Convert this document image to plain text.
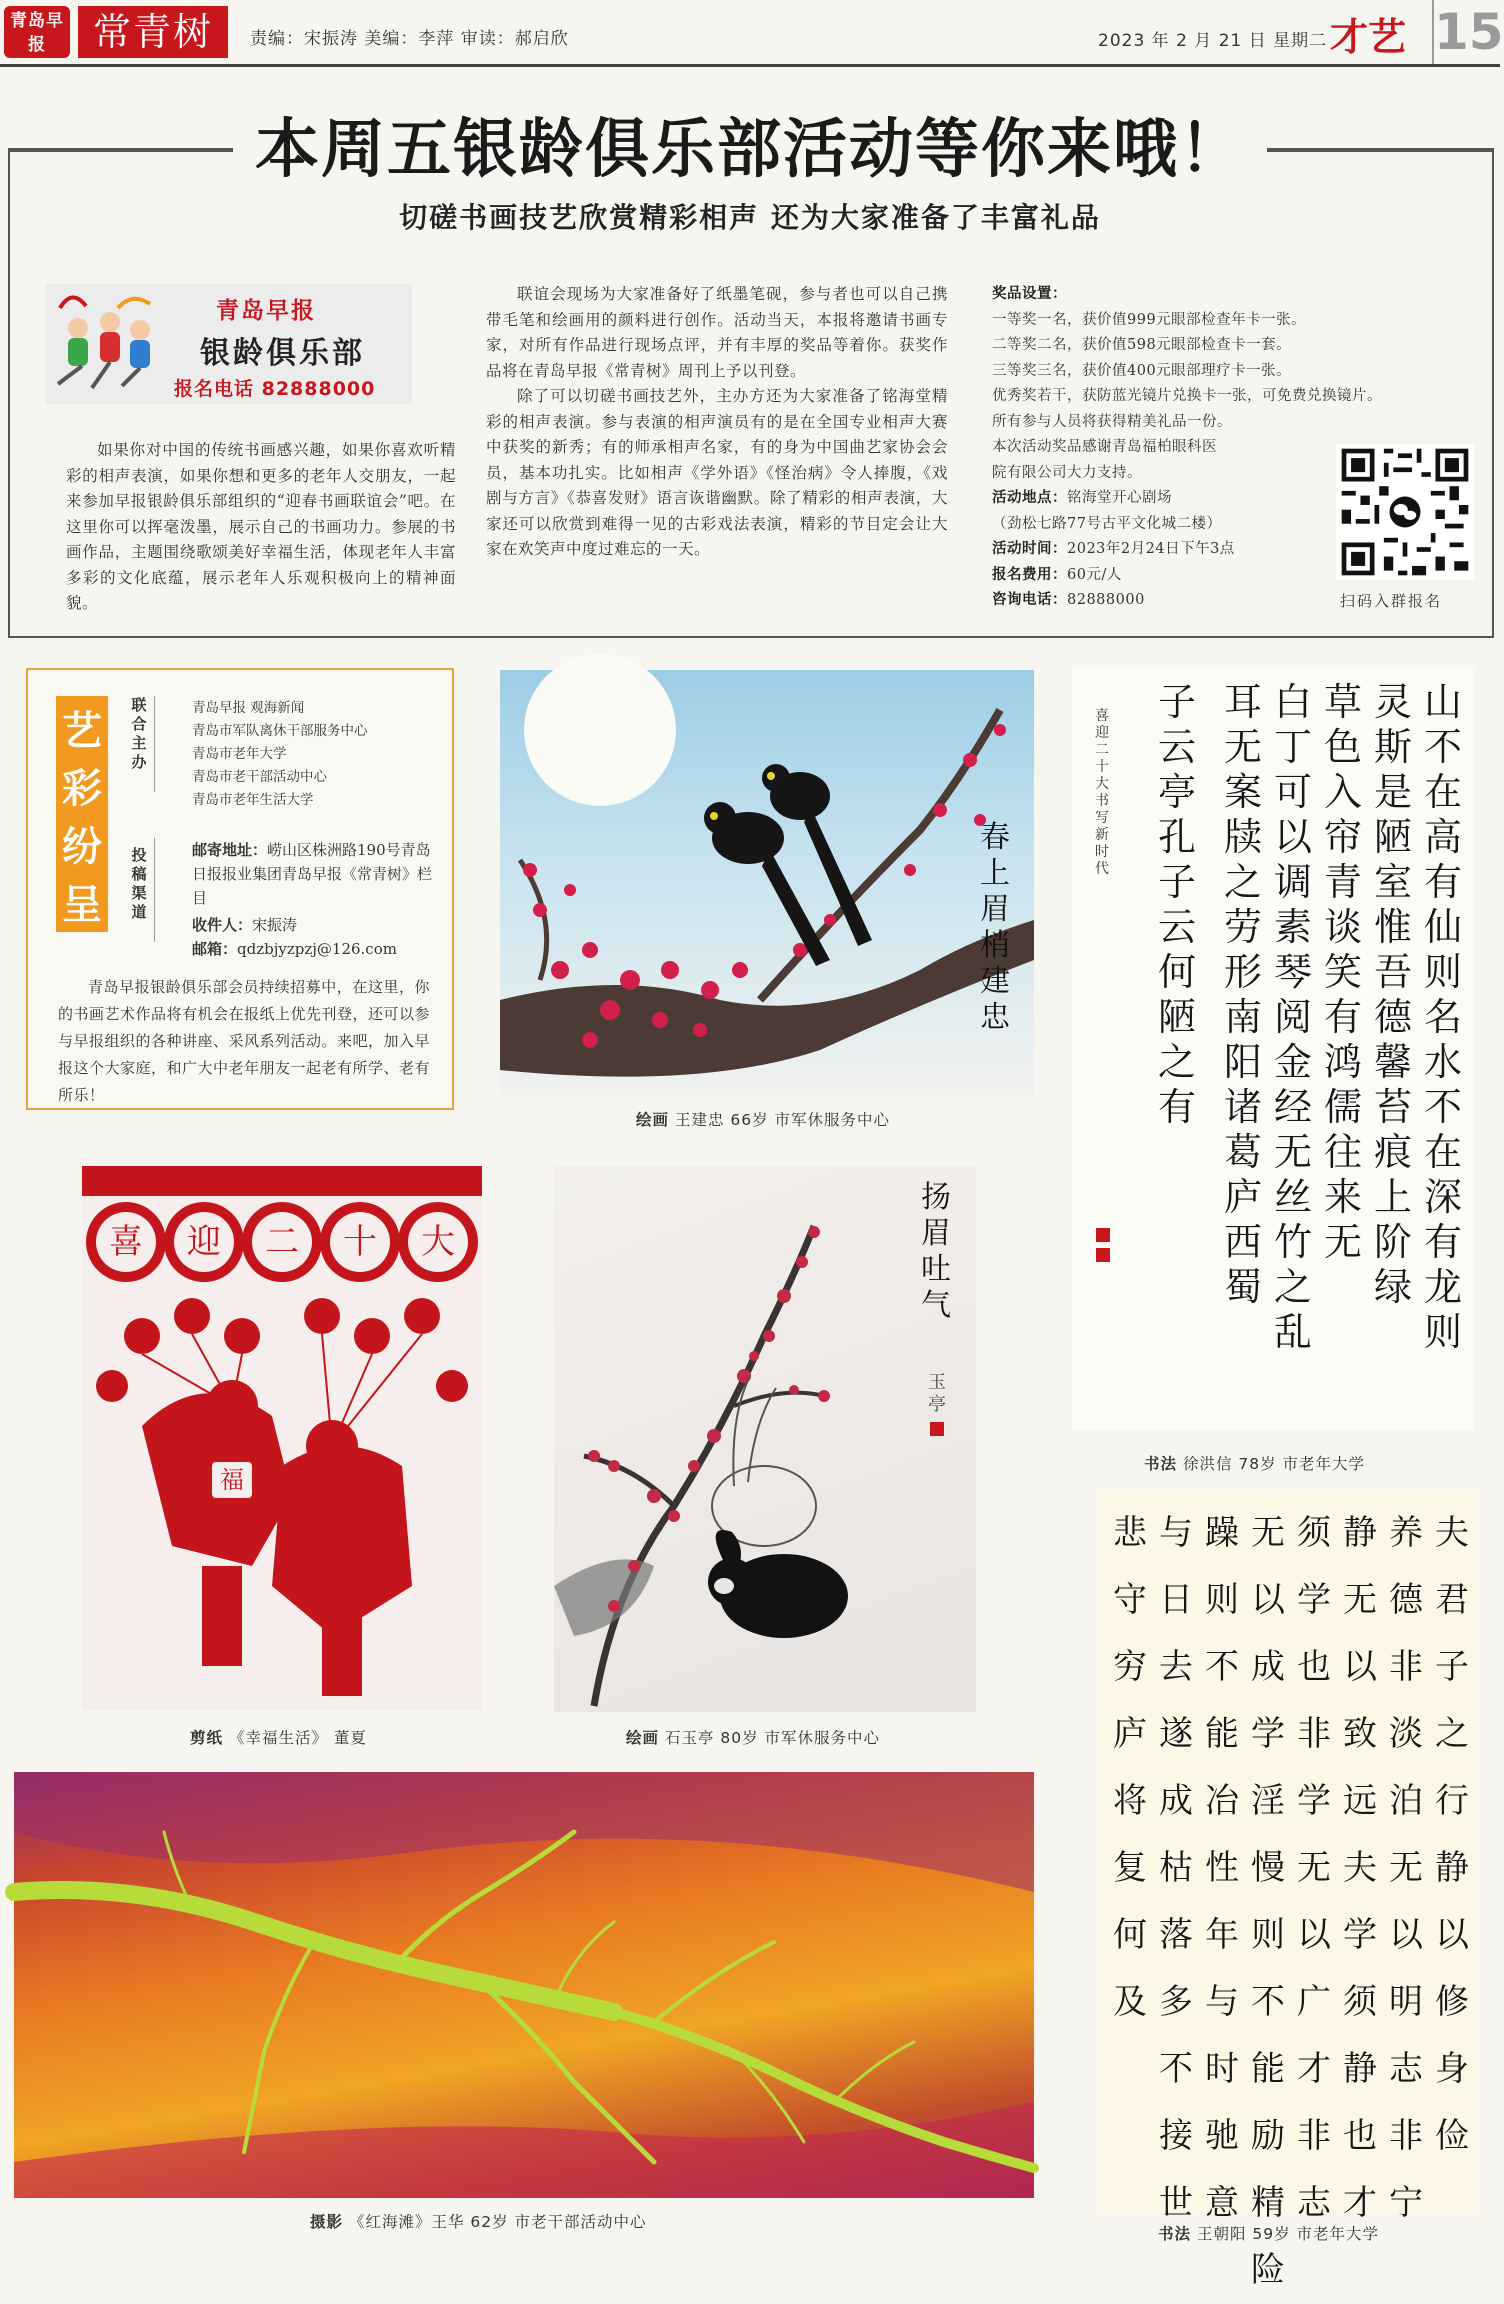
青岛早报	常青树	责编：宋振涛 美编：李萍 审读：郝启欣	2023 年 2 月 21 日 星期二 才艺 15
本周五银龄俱乐部活动等你来哦！
切磋书画技艺欣赏精彩相声 还为大家准备了丰富礼品
青岛早报
银龄俱乐部
报名电话 82888000

如果你对中国的传统书画感兴趣，如果你喜欢听精彩的相声表演，如果你想和更多的老年人交朋友，一起来参加早报银龄俱乐部组织的“迎春书画联谊会”吧。在这里你可以挥毫泼墨，展示自己的书画功力。参展的书画作品，主题围绕歌颂美好幸福生活，体现老年人丰富多彩的文化底蕴，展示老年人乐观积极向上的精神面貌。

联谊会现场为大家准备好了纸墨笔砚，参与者也可以自己携带毛笔和绘画用的颜料进行创作。活动当天，本报将邀请书画专家，对所有作品进行现场点评，并有丰厚的奖品等着你。获奖作品将在青岛早报《常青树》周刊上予以刊登。

除了可以切磋书画技艺外，主办方还为大家准备了铭海堂精彩的相声表演。参与表演的相声演员有的是在全国专业相声大赛中获奖的新秀；有的师承相声名家，有的身为中国曲艺家协会会员，基本功扎实。比如相声《学外语》《怪治病》令人捧腹，《戏剧与方言》《恭喜发财》语言诙谐幽默。除了精彩的相声表演，大家还可以欣赏到难得一见的古彩戏法表演，精彩的节目定会让大家在欢笑声中度过难忘的一天。

奖品设置：
一等奖一名，获价值999元眼部检查年卡一张。
二等奖二名，获价值598元眼部检查卡一套。
三等奖三名，获价值400元眼部理疗卡一张。
优秀奖若干，获防蓝光镜片兑换卡一张，可免费兑换镜片。
所有参与人员将获得精美礼品一份。
本次活动奖品感谢青岛福柏眼科医
院有限公司大力支持。
活动地点：铭海堂开心剧场
（劲松七路77号古平文化城二楼）
活动时间：2023年2月24日下午3点
报名费用：60元/人
咨询电话：82888000	扫码入群报名
艺彩纷呈
联合主办
青岛早报 观海新闻
青岛市军队离休干部服务中心
青岛市老年大学
青岛市老干部活动中心
青岛市老年生活大学
投稿渠道
邮寄地址：崂山区株洲路190号青岛日报报业集团青岛早报《常青树》栏目
收件人：宋振涛
邮箱：qdzbjyzpzj@126.com
青岛早报银龄俱乐部会员持续招募中，在这里，你的书画艺术作品将有机会在报纸上优先刊登，还可以参与早报组织的各种讲座、采风系列活动。来吧，加入早报这个大家庭，和广大中老年朋友一起老有所学、老有所乐！
春上眉梢 建忠
绘画 王建忠 66岁 市军休服务中心
山不在高有仙则名水不在深有龙则
灵斯是陋室惟吾德馨苔痕上阶绿
草色入帘青谈笑有鸿儒往来无
白丁可以调素琴阅金经无丝竹之乱
耳无案牍之劳形南阳诸葛庐西蜀
子云亭孔子云何陋之有
喜迎二十大书写新时代
书法 徐洪信 78岁 市老年大学
喜	迎	二	十	大
福
剪纸 《幸福生活》 董夏
扬眉吐气
玉亭
绘画 石玉亭 80岁 市军休服务中心
摄影 《红海滩》王华 62岁 市老干部活动中心
夫君子之行静以修身俭
养德非淡泊无以明志非宁
静无以致远夫学须静也才
须学也非学无以广才非志
无以成学淫慢则不能励精险
躁则不能冶性年与时驰意
与日去遂成枯落多不接世
悲守穷庐将复何及
书法 王朝阳 59岁 市老年大学
